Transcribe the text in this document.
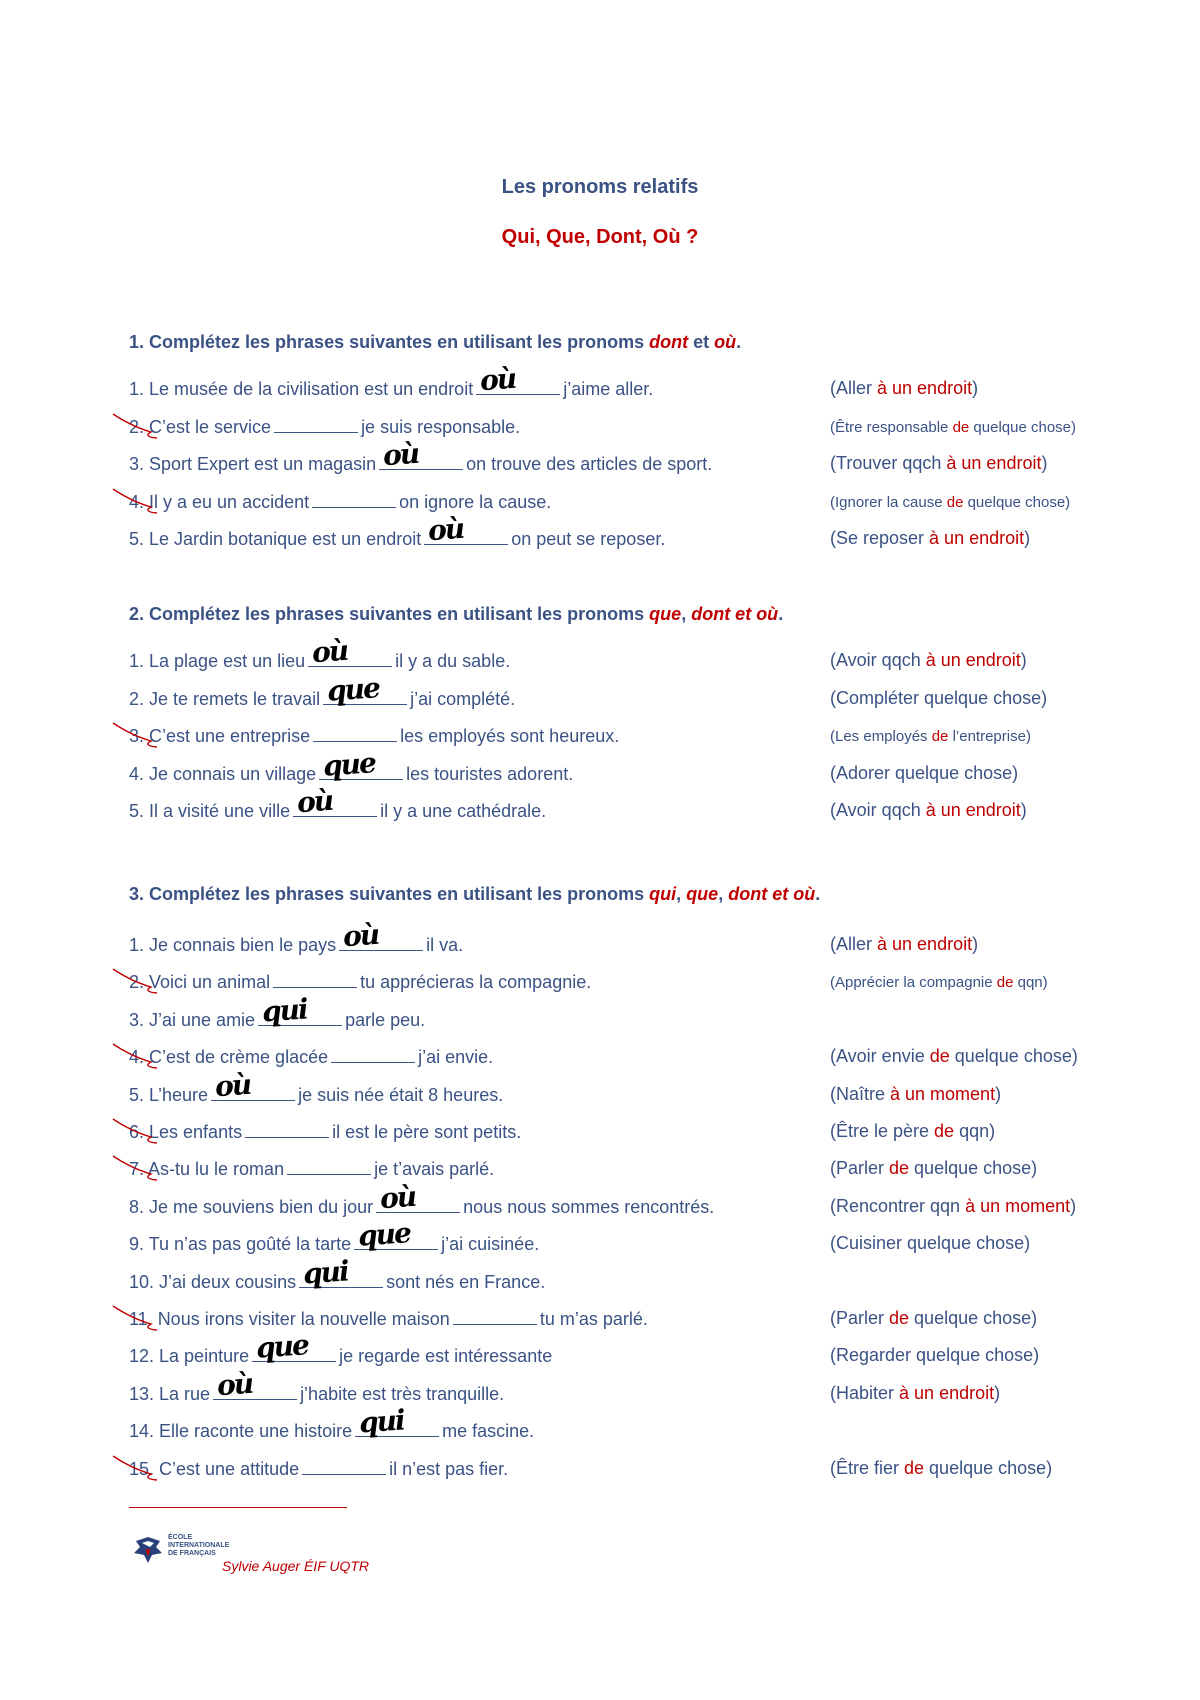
Les pronoms relatifs
Qui, Que, Dont, Où ?
1. Complétez les phrases suivantes en utilisant les pronoms dont et où.
1. Le musée de la civilisation est un endroit où	j’aime aller.	(Aller à un endroit)
2. C’est le service	je suis responsable.	(Être responsable de quelque chose)
3. Sport Expert est un magasin où	on trouve des articles de sport.	(Trouver qqch à un endroit)
4. Il y a eu un accident	on ignore la cause.	(Ignorer la cause de quelque chose)
5. Le Jardin botanique est un endroit où	on peut se reposer.	(Se reposer à un endroit)
2. Complétez les phrases suivantes en utilisant les pronoms que, dont et où.
1. La plage est un lieu où	il y a du sable.	(Avoir qqch à un endroit)
2. Je te remets le travail que j’ai complété.	(Compléter quelque chose)
3. C’est une entreprise	les employés sont heureux.	(Les employés de l’entreprise)
4. Je connais un village que les touristes adorent.	(Adorer quelque chose)
5. Il a visité une ville où	il y a une cathédrale.	(Avoir qqch à un endroit)
3. Complétez les phrases suivantes en utilisant les pronoms qui, que, dont et où.
1. Je connais bien le pays où	il va.	(Aller à un endroit)
2. Voici un animal	tu apprécieras la compagnie.	(Apprécier la compagnie de qqn)
3. J’ai une amie qui parle peu.
4. C’est de crème glacée	j’ai envie.	(Avoir envie de quelque chose)
5. L’heure où	je suis née était 8 heures.	(Naître à un moment)
6. Les enfants	il est le père sont petits.	(Être le père de qqn)
7. As-tu lu le roman	je t’avais parlé.	(Parler de quelque chose)
8. Je me souviens bien du jour où	nous nous sommes rencontrés.	(Rencontrer qqn à un moment)
9. Tu n’as pas goûté la tarte que j’ai cuisinée.	(Cuisiner quelque chose)
10. J’ai deux cousins qui sont nés en France.
11. Nous irons visiter la nouvelle maison	tu m’as parlé.	(Parler de quelque chose)
12. La peinture que je regarde est intéressante	(Regarder quelque chose)
13. La rue où	j’habite est très tranquille.	(Habiter à un endroit)
14. Elle raconte une histoire qui me fascine.
15. C’est une attitude	il n’est pas fier.	(Être fier de quelque chose)
ÉCOLE
INTERNATIONALE
DE FRANÇAIS
Sylvie Auger ÉIF UQTR
